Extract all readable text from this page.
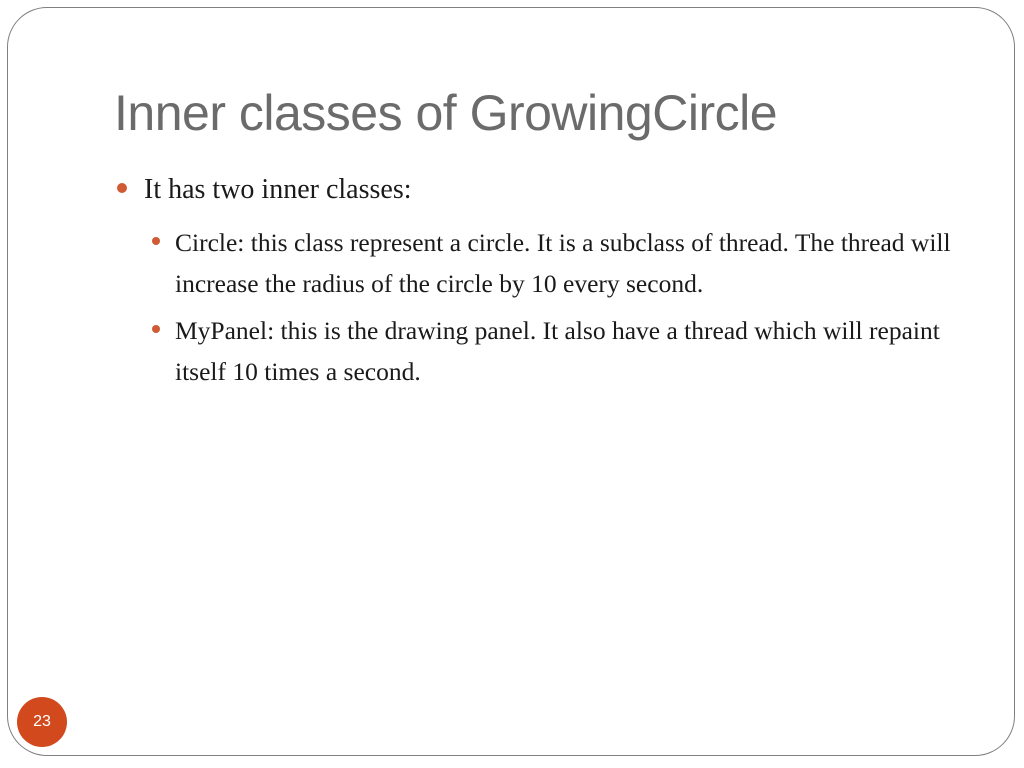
Inner classes of GrowingCircle
It has two inner classes:
Circle: this class represent a circle. It is a subclass of thread. The thread will increase the radius of the circle by 10 every second.
MyPanel: this is the drawing panel. It also have a thread which will repaint itself 10 times a second.
23
